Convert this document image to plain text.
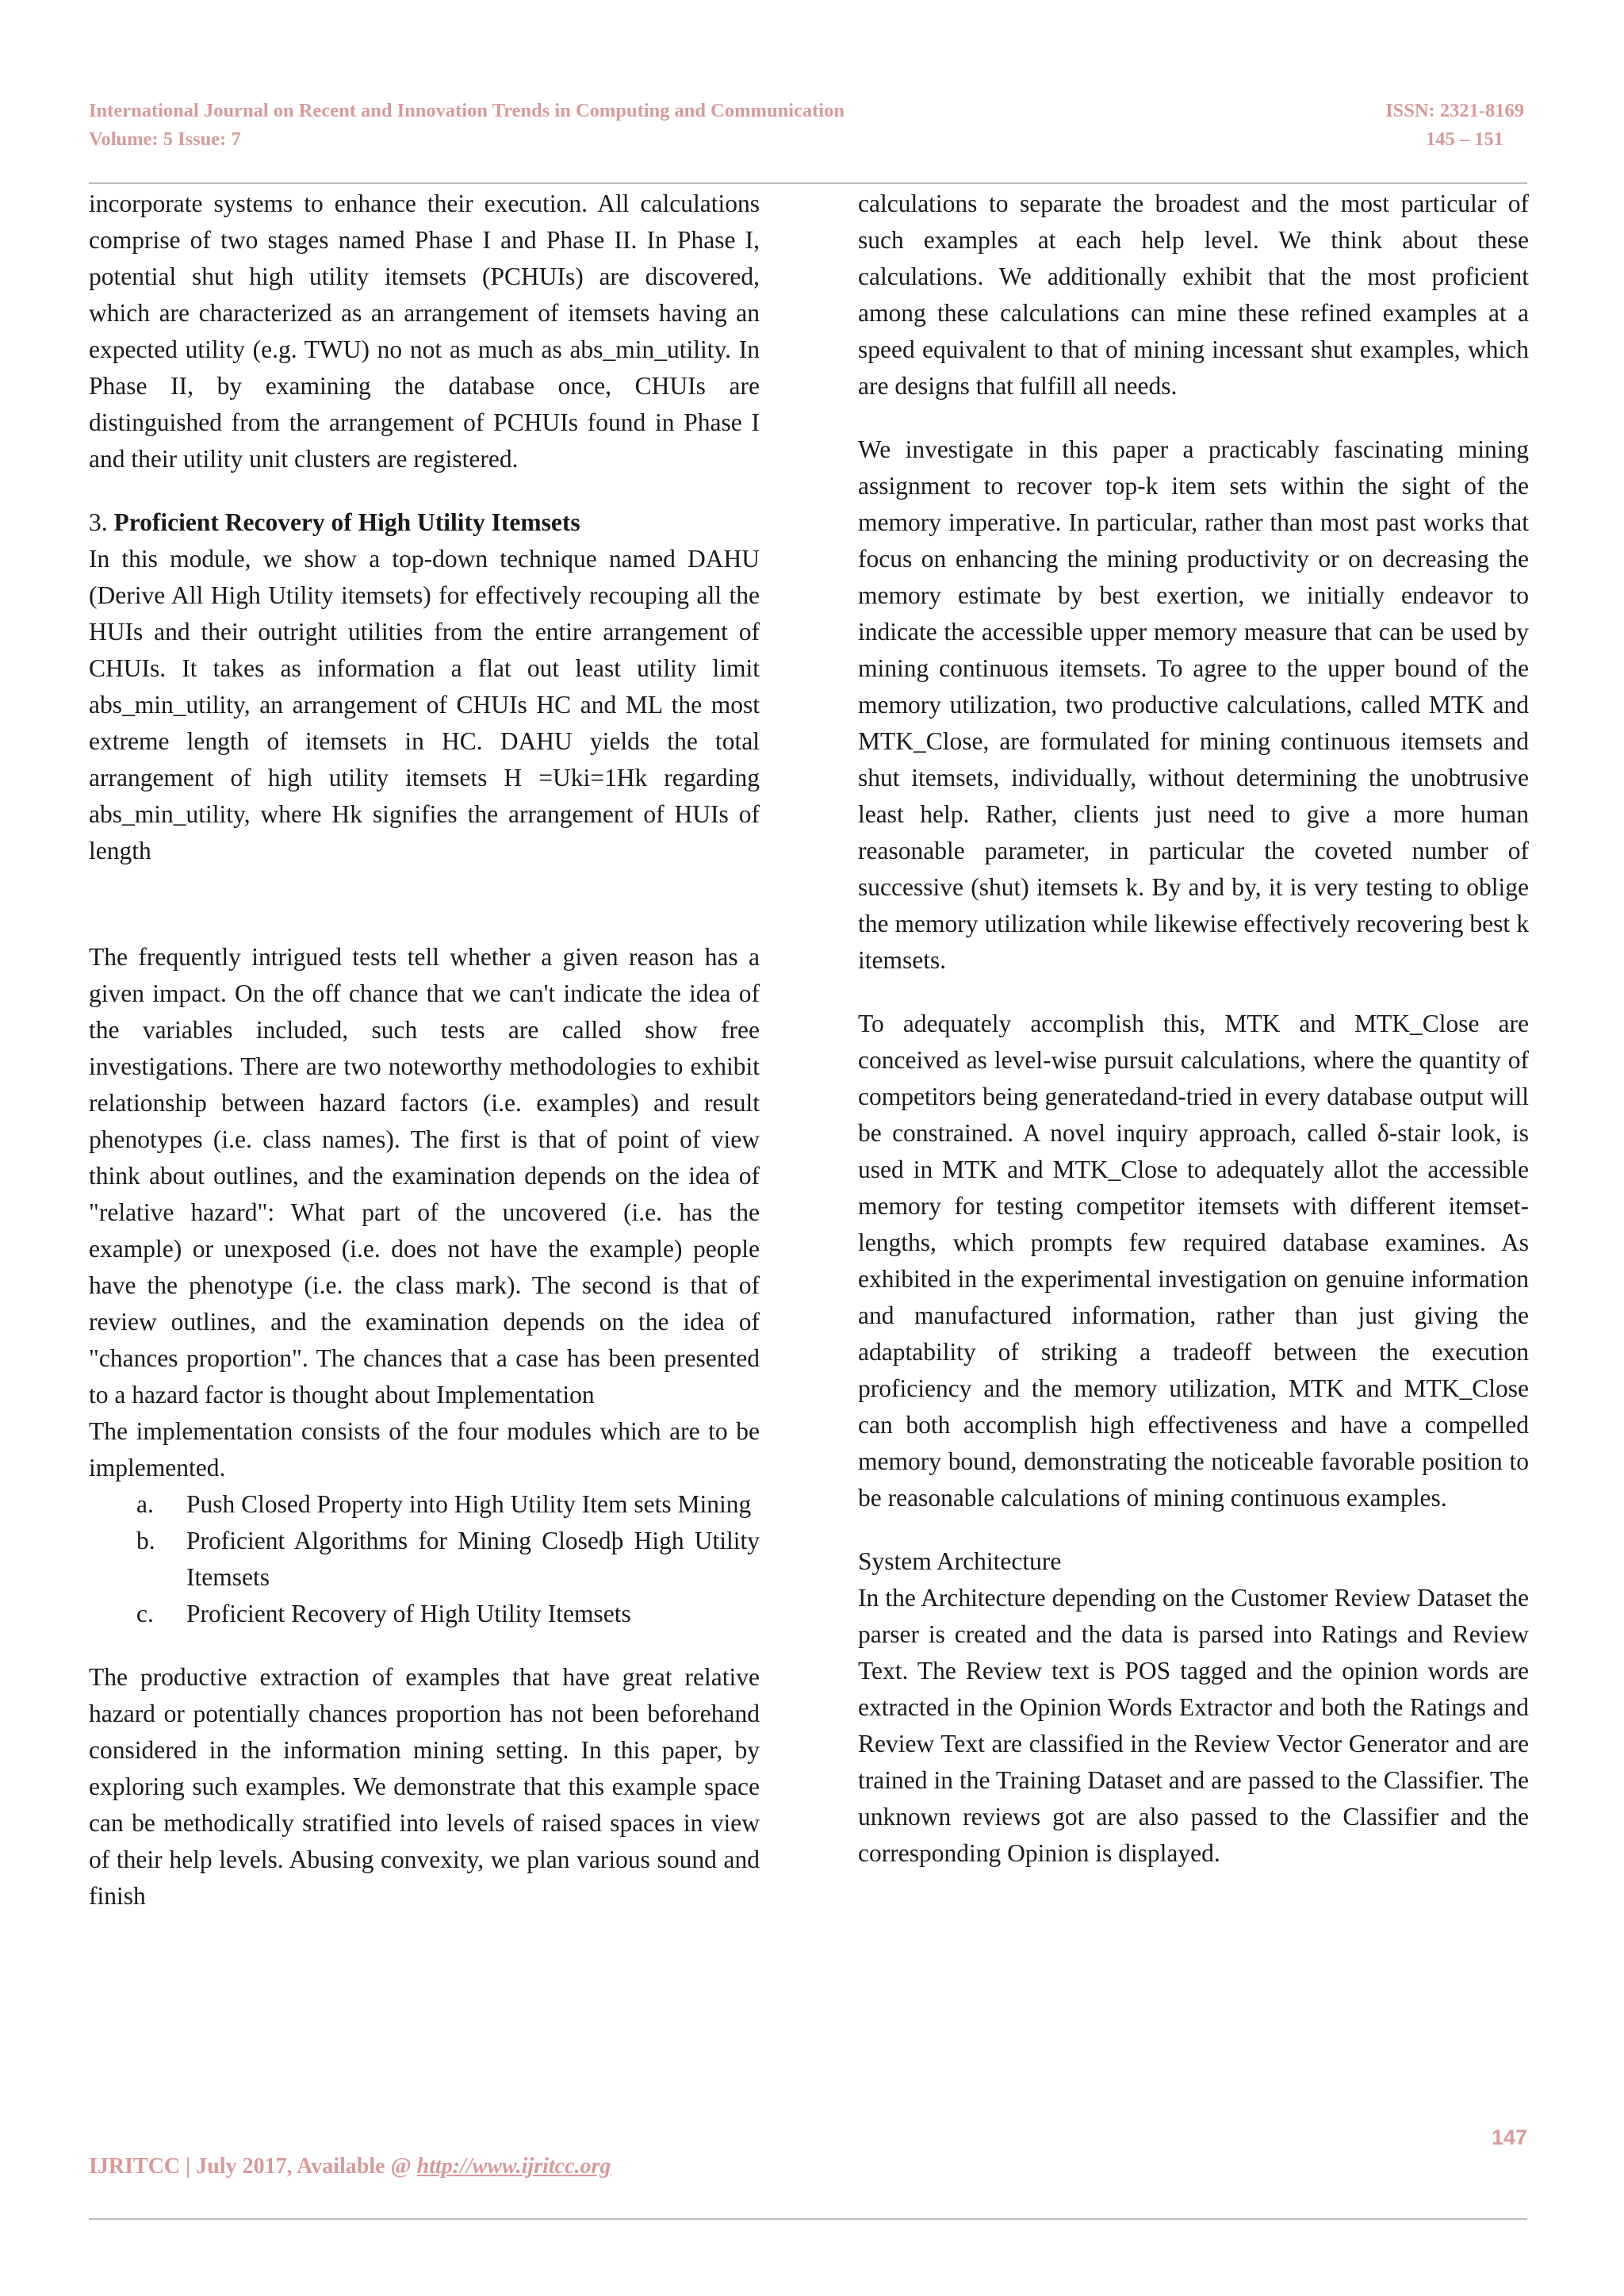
International Journal on Recent and Innovation Trends in Computing and Communication
Volume: 5 Issue: 7
ISSN: 2321-8169
145 – 151

incorporate systems to enhance their execution. All calculations comprise of two stages named Phase I and Phase II. In Phase I, potential shut high utility itemsets (PCHUIs) are discovered, which are characterized as an arrangement of itemsets having an expected utility (e.g. TWU) no not as much as abs_min_utility. In Phase II, by examining the database once, CHUIs are distinguished from the arrangement of PCHUIs found in Phase I and their utility unit clusters are registered.

3. Proficient Recovery of High Utility Itemsets

In this module, we show a top-down technique named DAHU (Derive All High Utility itemsets) for effectively recouping all the HUIs and their outright utilities from the entire arrangement of CHUIs. It takes as information a flat out least utility limit abs_min_utility, an arrangement of CHUIs HC and ML the most extreme length of itemsets in HC. DAHU yields the total arrangement of high utility itemsets H =Uki=1Hk regarding abs_min_utility, where Hk signifies the arrangement of HUIs of length

The frequently intrigued tests tell whether a given reason has a given impact. On the off chance that we can't indicate the idea of the variables included, such tests are called show free investigations. There are two noteworthy methodologies to exhibit relationship between hazard factors (i.e. examples) and result phenotypes (i.e. class names). The first is that of point of view think about outlines, and the examination depends on the idea of "relative hazard": What part of the uncovered (i.e. has the example) or unexposed (i.e. does not have the example) people have the phenotype (i.e. the class mark). The second is that of review outlines, and the examination depends on the idea of "chances proportion". The chances that a case has been presented to a hazard factor is thought about Implementation

The implementation consists of the four modules which are to be implemented.

a. Push Closed Property into High Utility Item sets Mining
b. Proficient Algorithms for Mining Closedþ High Utility Itemsets
c. Proficient Recovery of High Utility Itemsets

The productive extraction of examples that have great relative hazard or potentially chances proportion has not been beforehand considered in the information mining setting. In this paper, by exploring such examples. We demonstrate that this example space can be methodically stratified into levels of raised spaces in view of their help levels. Abusing convexity, we plan various sound and finish

calculations to separate the broadest and the most particular of such examples at each help level. We think about these calculations. We additionally exhibit that the most proficient among these calculations can mine these refined examples at a speed equivalent to that of mining incessant shut examples, which are designs that fulfill all needs.

We investigate in this paper a practicably fascinating mining assignment to recover top-k item sets within the sight of the memory imperative. In particular, rather than most past works that focus on enhancing the mining productivity or on decreasing the memory estimate by best exertion, we initially endeavor to indicate the accessible upper memory measure that can be used by mining continuous itemsets. To agree to the upper bound of the memory utilization, two productive calculations, called MTK and MTK_Close, are formulated for mining continuous itemsets and shut itemsets, individually, without determining the unobtrusive least help. Rather, clients just need to give a more human reasonable parameter, in particular the coveted number of successive (shut) itemsets k. By and by, it is very testing to oblige the memory utilization while likewise effectively recovering best k itemsets.

To adequately accomplish this, MTK and MTK_Close are conceived as level-wise pursuit calculations, where the quantity of competitors being generatedand-tried in every database output will be constrained. A novel inquiry approach, called δ-stair look, is used in MTK and MTK_Close to adequately allot the accessible memory for testing competitor itemsets with different itemset-lengths, which prompts few required database examines. As exhibited in the experimental investigation on genuine information and manufactured information, rather than just giving the adaptability of striking a tradeoff between the execution proficiency and the memory utilization, MTK and MTK_Close can both accomplish high effectiveness and have a compelled memory bound, demonstrating the noticeable favorable position to be reasonable calculations of mining continuous examples.

System Architecture

In the Architecture depending on the Customer Review Dataset the parser is created and the data is parsed into Ratings and Review Text. The Review text is POS tagged and the opinion words are extracted in the Opinion Words Extractor and both the Ratings and Review Text are classified in the Review Vector Generator and are trained in the Training Dataset and are passed to the Classifier. The unknown reviews got are also passed to the Classifier and the corresponding Opinion is displayed.

147
IJRITCC | July 2017, Available @ http://www.ijritcc.org
